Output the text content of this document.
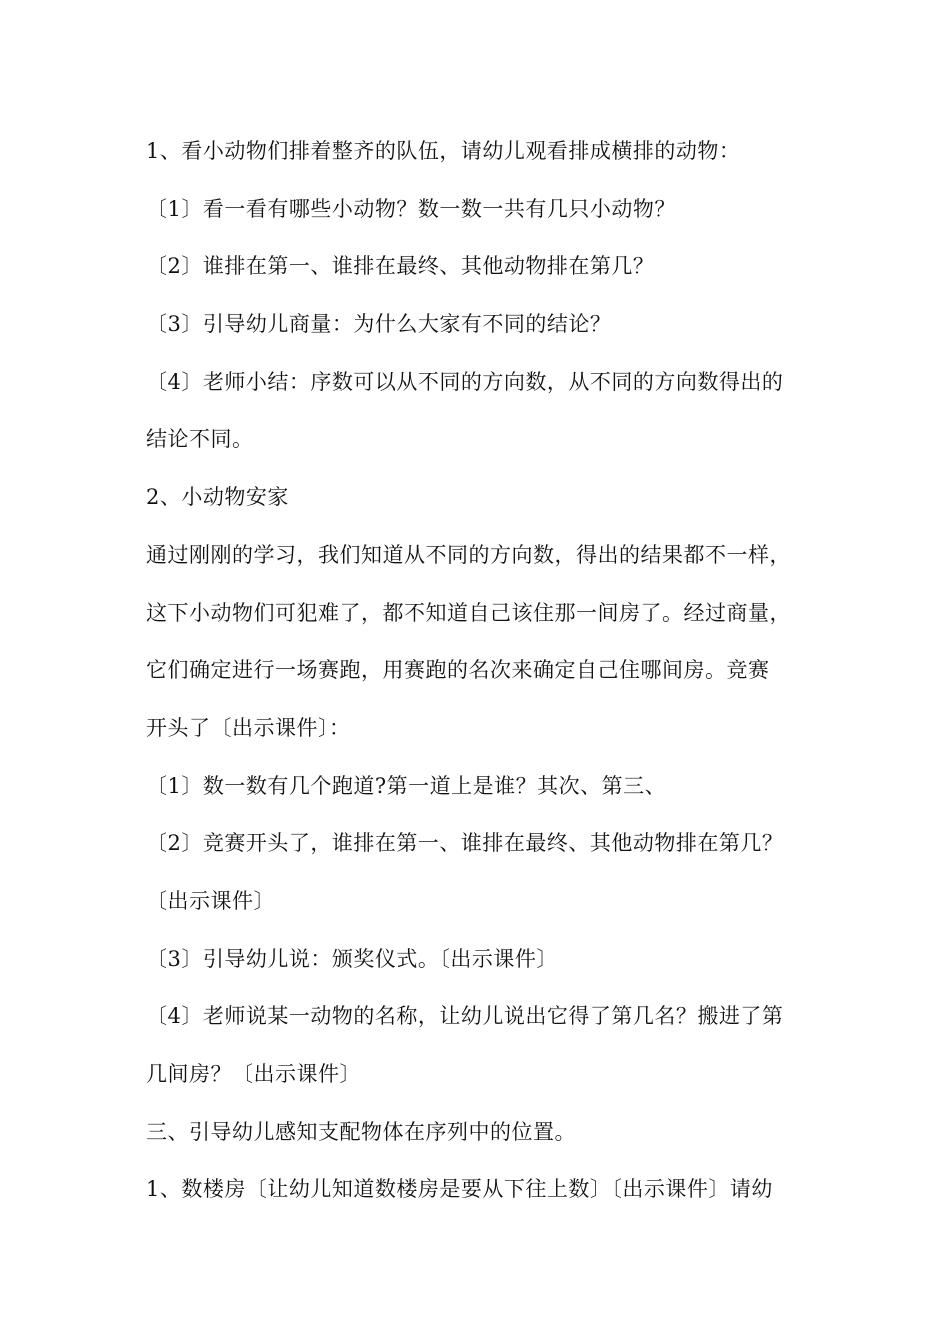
1、看小动物们排着整齐的队伍，请幼儿观看排成横排的动物：
〔1〕看一看有哪些小动物？数一数一共有几只小动物？
〔2〕谁排在第一、谁排在最终、其他动物排在第几？
〔3〕引导幼儿商量：为什么大家有不同的结论？
〔4〕老师小结：序数可以从不同的方向数，从不同的方向数得出的
结论不同。
2、小动物安家
通过刚刚的学习，我们知道从不同的方向数，得出的结果都不一样，
这下小动物们可犯难了，都不知道自己该住那一间房了。经过商量，
它们确定进行一场赛跑，用赛跑的名次来确定自己住哪间房。竞赛
开头了〔出示课件〕：
〔1〕数一数有几个跑道?第一道上是谁？其次、第三、
〔2〕竞赛开头了，谁排在第一、谁排在最终、其他动物排在第几？
〔出示课件〕
〔3〕引导幼儿说：颁奖仪式。〔出示课件〕
〔4〕老师说某一动物的名称，让幼儿说出它得了第几名？搬进了第
几间房？〔出示课件〕
三、引导幼儿感知支配物体在序列中的位置。
1、数楼房〔让幼儿知道数楼房是要从下往上数〕〔出示课件〕请幼
